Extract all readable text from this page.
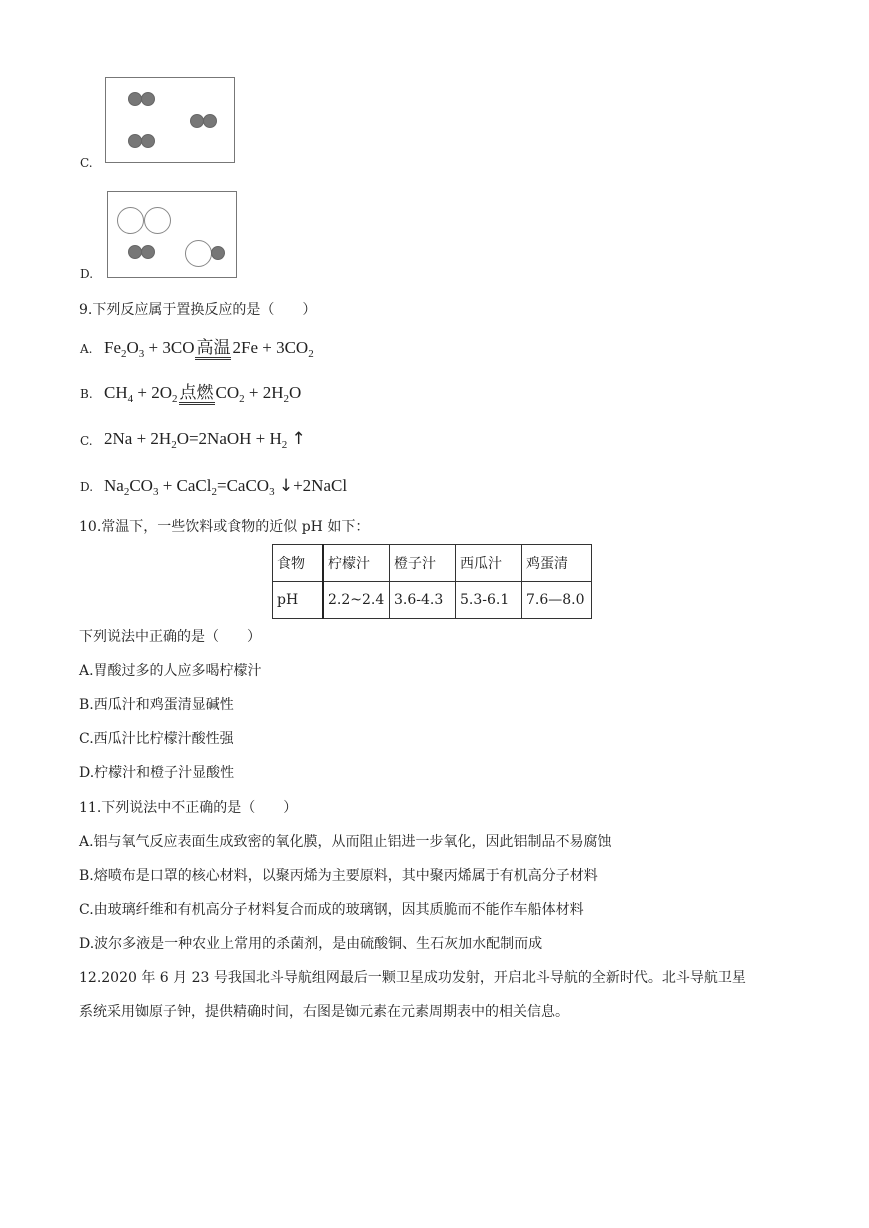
C.
D.
9.下列反应属于置换反应的是（　　）
A. $Fe_2O_3 + 3CO$ 高温 $2Fe + 3CO_2$
B. $CH_4 + 2O_2$ 点燃 $CO_2 + 2H_2O$
C. $2Na + 2H_2O=2NaOH + H_2$ ↑
D. $Na_2CO_3$ + CaCl$_2$=CaCO$_3$ ↓+2NaCl
10.常温下，一些饮料或食物的近似 pH 如下：
食物	柠檬汁	橙子汁	西瓜汁	鸡蛋清
pH	2.2~2.4	3.6-4.3	5.3-6.1	7.6—8.0
下列说法中正确的是（　　）
A.胃酸过多的人应多喝柠檬汁
B.西瓜汁和鸡蛋清显碱性
C.西瓜汁比柠檬汁酸性强
D.柠檬汁和橙子汁显酸性
11.下列说法中不正确的是（　　）
A.铝与氧气反应表面生成致密的氧化膜，从而阻止铝进一步氧化，因此铝制品不易腐蚀
B.熔喷布是口罩的核心材料，以聚丙烯为主要原料，其中聚丙烯属于有机高分子材料
C.由玻璃纤维和有机高分子材料复合而成的玻璃钢，因其质脆而不能作车船体材料
D.波尔多液是一种农业上常用的杀菌剂，是由硫酸铜、生石灰加水配制而成
12.2020 年 6 月 23 号我国北斗导航组网最后一颗卫星成功发射，开启北斗导航的全新时代。北斗导航卫星
系统采用铷原子钟，提供精确时间，右图是铷元素在元素周期表中的相关信息。
